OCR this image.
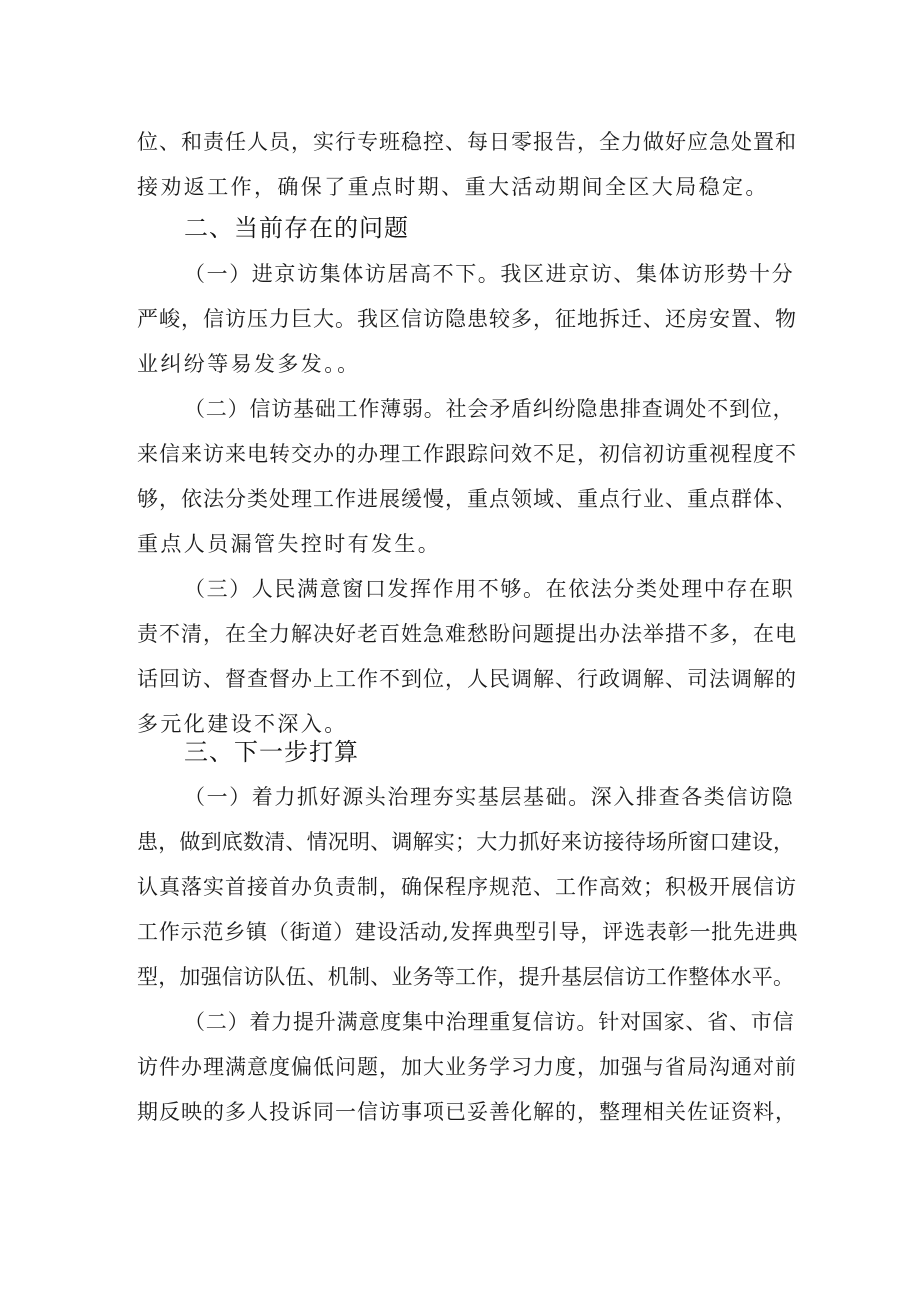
位、和责任人员，实行专班稳控、每日零报告，全力做好应急处置和
接劝返工作，确保了重点时期、重大活动期间全区大局稳定。
二、当前存在的问题
（一）进京访集体访居高不下。我区进京访、集体访形势十分
严峻，信访压力巨大。我区信访隐患较多，征地拆迁、还房安置、物
业纠纷等易发多发。。
（二）信访基础工作薄弱。社会矛盾纠纷隐患排查调处不到位，
来信来访来电转交办的办理工作跟踪问效不足，初信初访重视程度不
够，依法分类处理工作进展缓慢，重点领域、重点行业、重点群体、
重点人员漏管失控时有发生。
（三）人民满意窗口发挥作用不够。在依法分类处理中存在职
责不清，在全力解决好老百姓急难愁盼问题提出办法举措不多，在电
话回访、督查督办上工作不到位，人民调解、行政调解、司法调解的
多元化建设不深入。
三、下一步打算
（一）着力抓好源头治理夯实基层基础。深入排查各类信访隐
患，做到底数清、情况明、调解实；大力抓好来访接待场所窗口建设，
认真落实首接首办负责制，确保程序规范、工作高效；积极开展信访
工作示范乡镇（街道）建设活动,发挥典型引导，评选表彰一批先进典
型，加强信访队伍、机制、业务等工作，提升基层信访工作整体水平。
（二）着力提升满意度集中治理重复信访。针对国家、省、市信
访件办理满意度偏低问题，加大业务学习力度，加强与省局沟通对前
期反映的多人投诉同一信访事项已妥善化解的，整理相关佐证资料，
